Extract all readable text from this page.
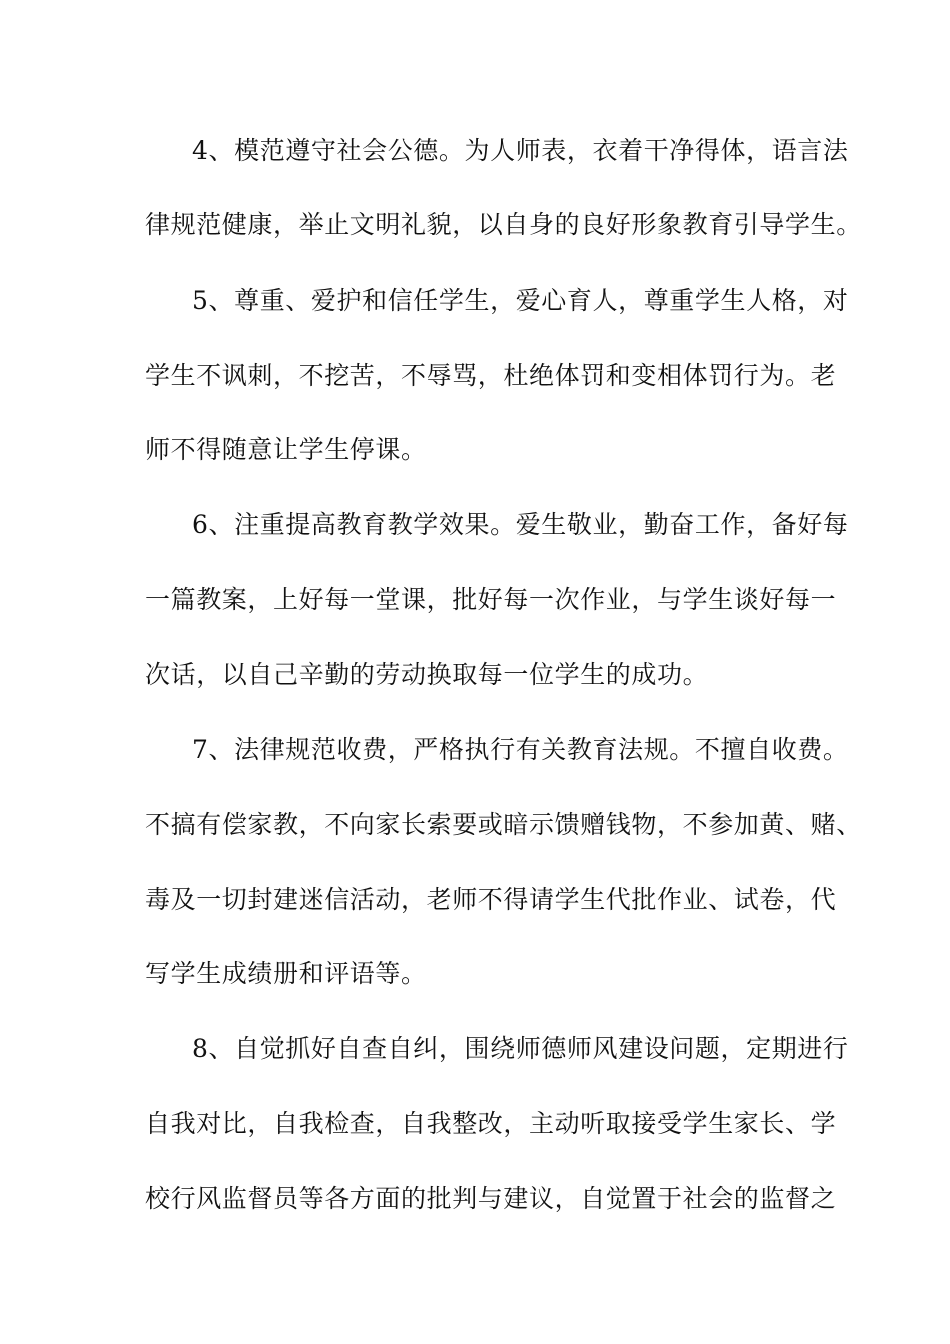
4、模范遵守社会公德。为人师表，衣着干净得体，语言法
律规范健康，举止文明礼貌，以自身的良好形象教育引导学生。
5、尊重、爱护和信任学生，爱心育人，尊重学生人格，对
学生不讽刺，不挖苦，不辱骂，杜绝体罚和变相体罚行为。老
师不得随意让学生停课。
6、注重提高教育教学效果。爱生敬业，勤奋工作，备好每
一篇教案，上好每一堂课，批好每一次作业，与学生谈好每一
次话，以自己辛勤的劳动换取每一位学生的成功。
7、法律规范收费，严格执行有关教育法规。不擅自收费。
不搞有偿家教，不向家长索要或暗示馈赠钱物，不参加黄、赌、
毒及一切封建迷信活动，老师不得请学生代批作业、试卷，代
写学生成绩册和评语等。
8、自觉抓好自查自纠，围绕师德师风建设问题，定期进行
自我对比，自我检查，自我整改，主动听取接受学生家长、学
校行风监督员等各方面的批判与建议，自觉置于社会的监督之
